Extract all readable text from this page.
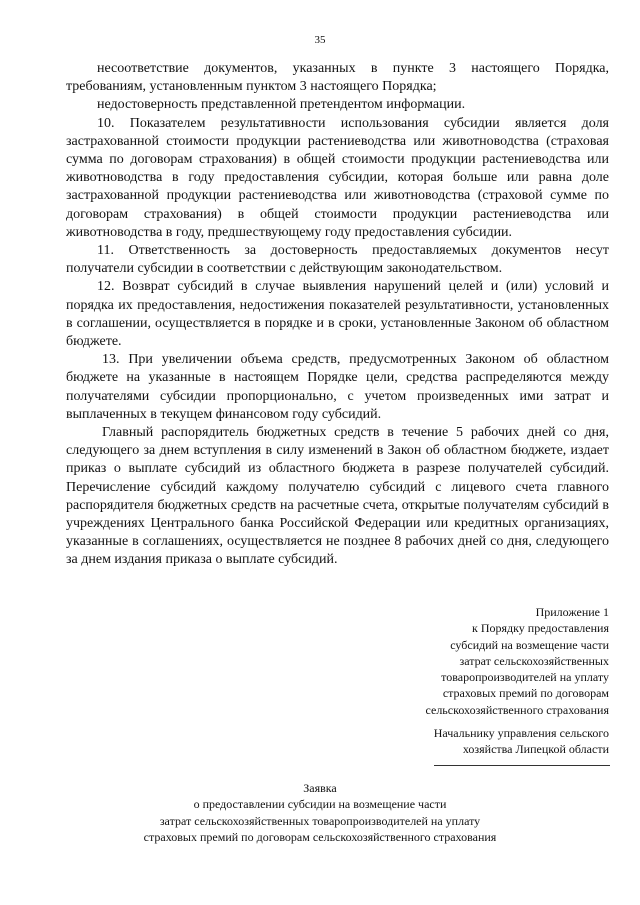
35

несоответствие документов, указанных в пункте 3 настоящего Порядка, требованиям, установленным пунктом 3 настоящего Порядка;

недостоверность представленной претендентом информации.

10. Показателем результативности использования субсидии является доля застрахованной стоимости продукции растениеводства или животноводства (страховая сумма по договорам страхования) в общей стоимости продукции растениеводства или животноводства в году предоставления субсидии, которая больше или равна доле застрахованной продукции растениеводства или животноводства (страховой сумме по договорам страхования) в общей стоимости продукции растениеводства или животноводства в году, предшествующему году предоставления субсидии.

11. Ответственность за достоверность предоставляемых документов несут получатели субсидии в соответствии с действующим законодательством.

12. Возврат субсидий в случае выявления нарушений целей и (или) условий и порядка их предоставления, недостижения показателей результативности, установленных в соглашении, осуществляется в порядке и в сроки, установленные Законом об областном бюджете.

13. При увеличении объема средств, предусмотренных Законом об областном бюджете на указанные в настоящем Порядке цели, средства распределяются между получателями субсидии пропорционально, с учетом произведенных ими затрат и выплаченных в текущем финансовом году субсидий.

Главный распорядитель бюджетных средств в течение 5 рабочих дней со дня, следующего за днем вступления в силу изменений в Закон об областном бюджете, издает приказ о выплате субсидий из областного бюджета в разрезе получателей субсидий. Перечисление субсидий каждому получателю субсидий с лицевого счета главного распорядителя бюджетных средств на расчетные счета, открытые получателям субсидий в учреждениях Центрального банка Российской Федерации или кредитных организациях, указанные в соглашениях, осуществляется не позднее 8 рабочих дней со дня, следующего за днем издания приказа о выплате субсидий.

Приложение 1
к Порядку предоставления
субсидий на возмещение части
затрат сельскохозяйственных
товаропроизводителей на уплату
страховых премий по договорам
сельскохозяйственного страхования
Начальнику управления сельского
хозяйства Липецкой области
Заявка
о предоставлении субсидии на возмещение части
затрат сельскохозяйственных товаропроизводителей на уплату
страховых премий по договорам сельскохозяйственного страхования
